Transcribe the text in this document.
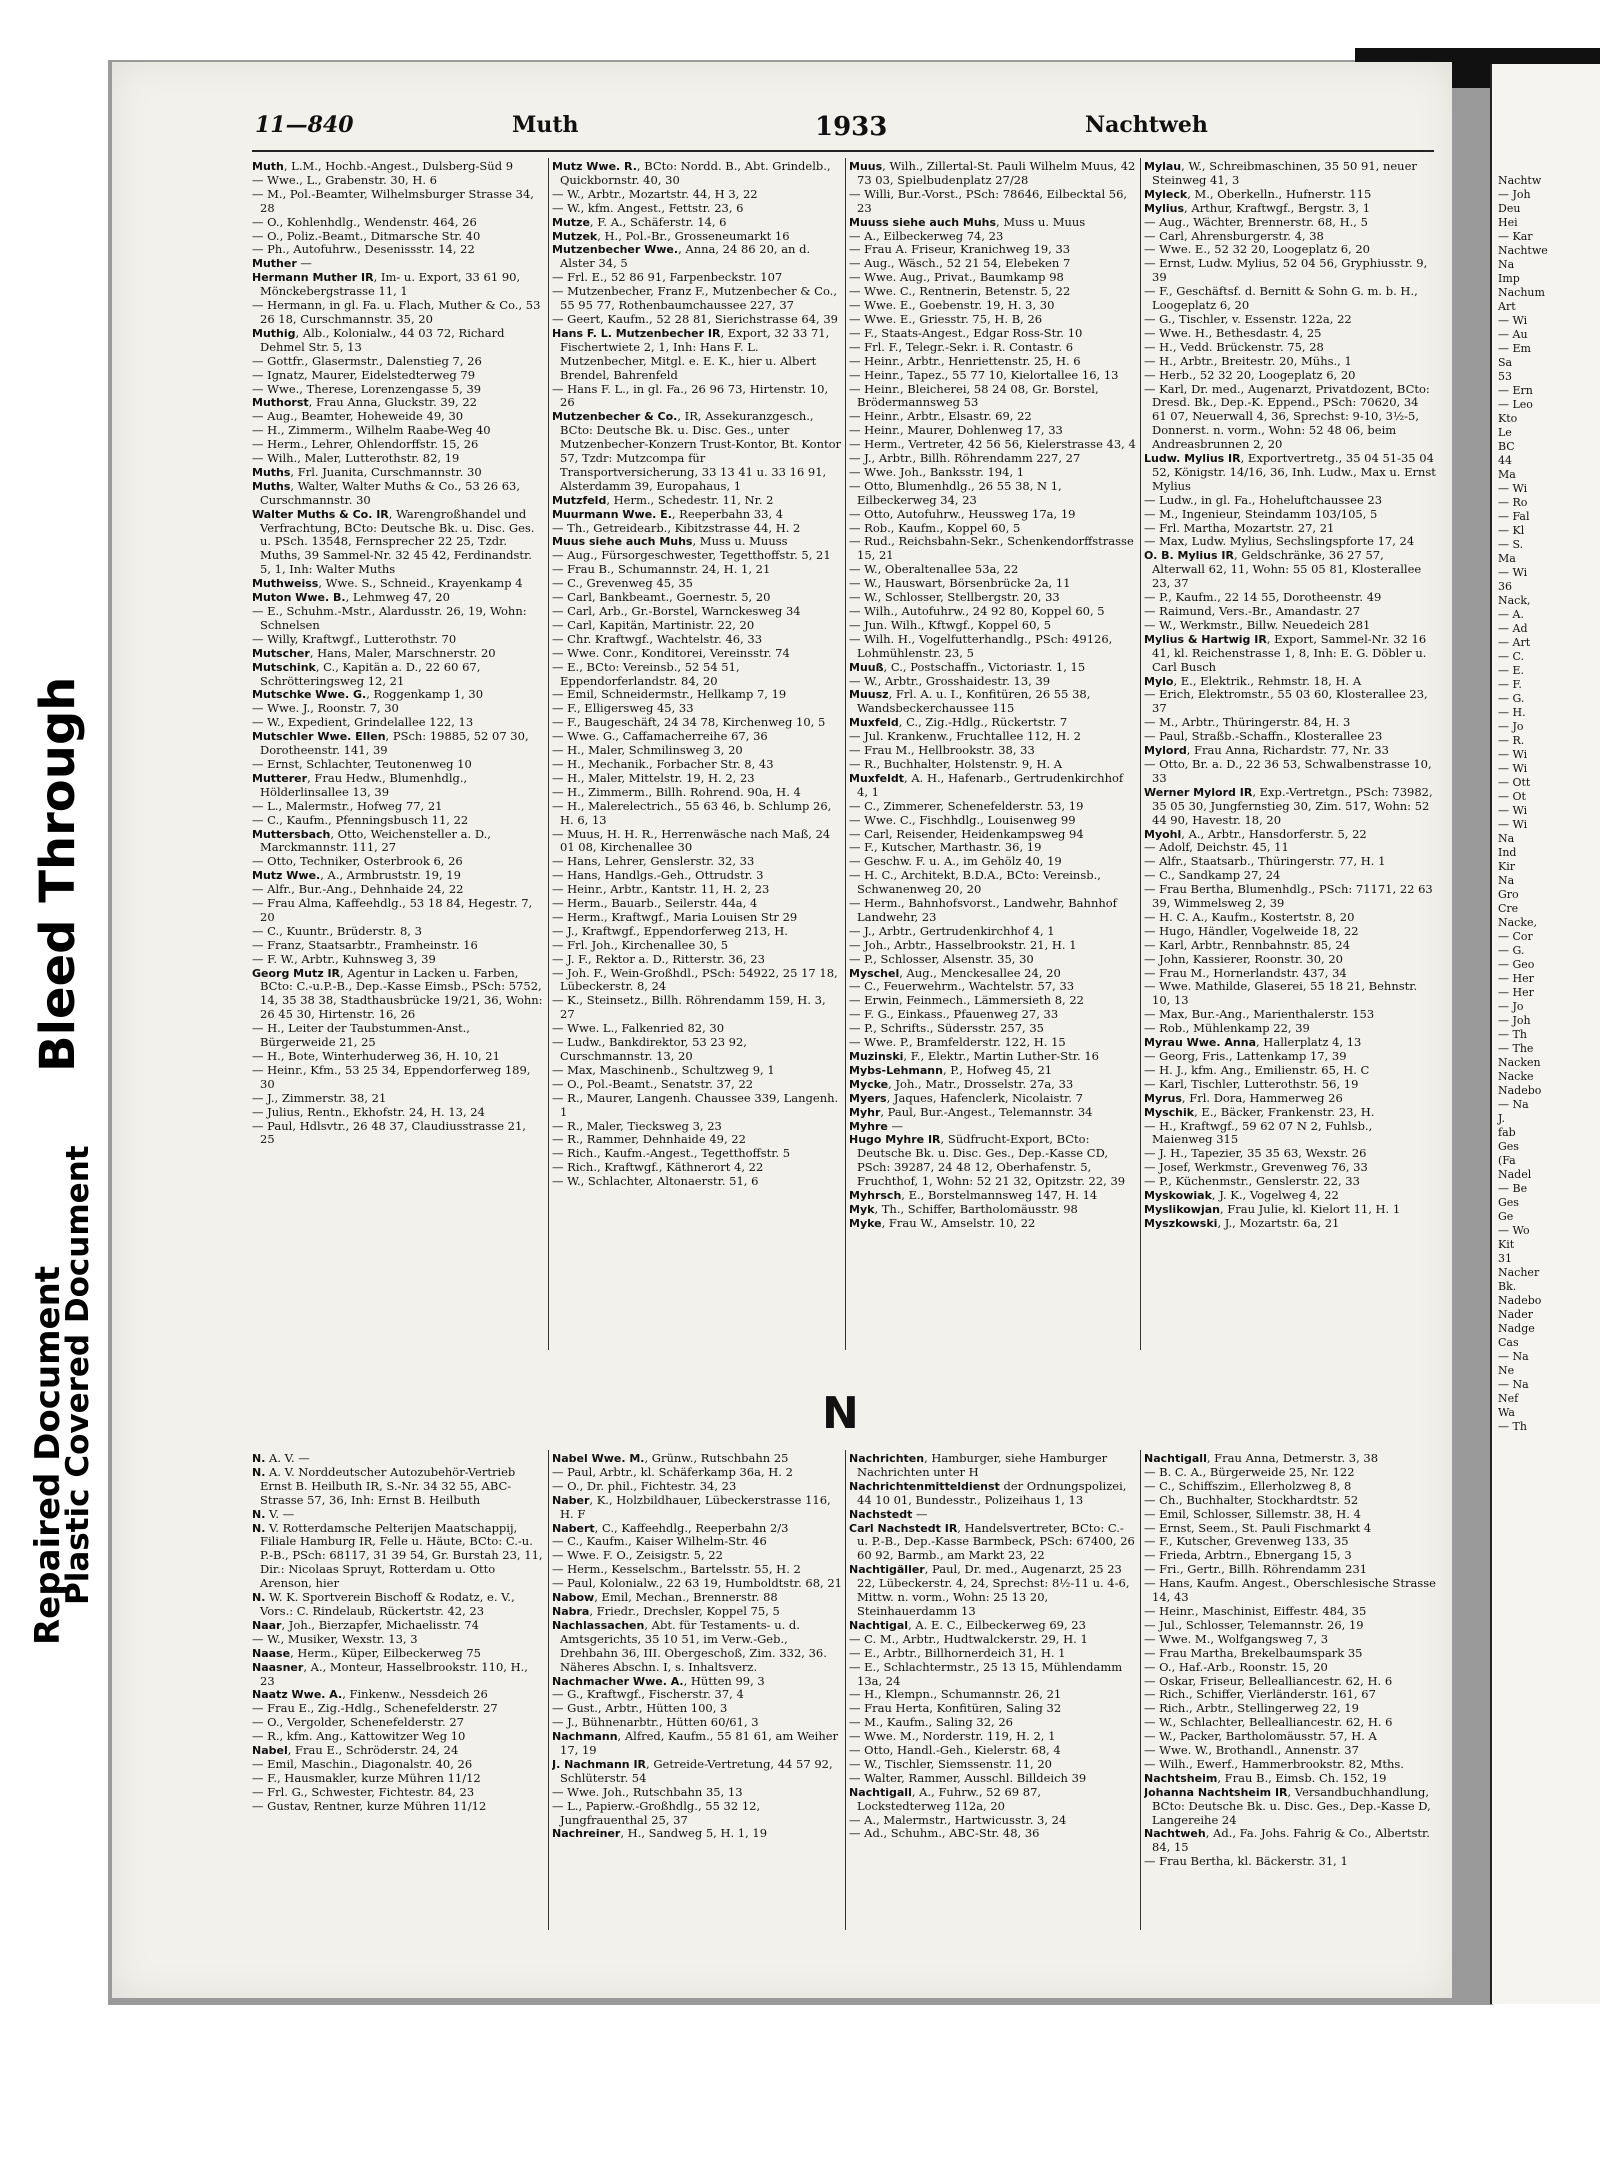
Nachtw
— Joh
Deu
Hei
— Kar
Nachtwe
Na
Imp
Nachum
Art
— Wi
— Au
— Em
Sa
53
— Ern
— Leo
Kto
Le
BC
44
Ma
— Wi
— Ro
— Fal
— Kl
— S.
Ma
— Wi
36
Nack,
— A.
— Ad
— Art
— C.
— E.
— F.
— G.
— H.
— Jo
— R.
— Wi
— Wi
— Ott
— Ot
— Wi
— Wi
Na
Ind
Kir
Na
Gro
Cre
Nacke,
— Cor
— G.
— Geo
— Her
— Her
— Jo
— Joh
— Th
— The
Nacken
Nacke
Nadebo
— Na
J.
fab
Ges
(Fa
Nadel
— Be
Ges
Ge
— Wo
Kit
31
Nacher
Bk.
Nadebo
Nader
Nadge
Cas
— Na
Ne
— Na
Nef
Wa
— Th
Repaired Document
Plastic Covered Document
Bleed Through
11—840	Muth	1933	Nachtweh
Muth, L.M., Hochb.-Angest., Dulsberg-Süd 9
— Wwe., L., Grabenstr. 30, H. 6
— M., Pol.-Beamter, Wilhelmsburger Strasse 34, 28
— O., Kohlenhdlg., Wendenstr. 464, 26
— O., Poliz.-Beamt., Ditmarsche Str. 40
— Ph., Autofuhrw., Desenissstr. 14, 22
Muther —
Hermann Muther IR, Im- u. Export, 33 61 90, Mönckebergstrasse 11, 1
— Hermann, in gl. Fa. u. Flach, Muther & Co., 53 26 18, Curschmannstr. 35, 20
Muthig, Alb., Kolonialw., 44 03 72, Richard Dehmel Str. 5, 13
— Gottfr., Glasermstr., Dalenstieg 7, 26
— Ignatz, Maurer, Eidelstedterweg 79
— Wwe., Therese, Lorenzengasse 5, 39
Muthorst, Frau Anna, Gluckstr. 39, 22
— Aug., Beamter, Hoheweide 49, 30
— H., Zimmerm., Wilhelm Raabe-Weg 40
— Herm., Lehrer, Ohlendorffstr. 15, 26
— Wilh., Maler, Lutterothstr. 82, 19
Muths, Frl. Juanita, Curschmannstr. 30
Muths, Walter, Walter Muths & Co., 53 26 63, Curschmannstr. 30
Walter Muths & Co. IR, Warengroßhandel und Verfrachtung, BCto: Deutsche Bk. u. Disc. Ges. u. PSch. 13548, Fernsprecher 22 25, Tzdr. Muths, 39 Sammel-Nr. 32 45 42, Ferdinandstr. 5, 1, Inh: Walter Muths
Muthweiss, Wwe. S., Schneid., Krayenkamp 4
Muton Wwe. B., Lehmweg 47, 20
— E., Schuhm.-Mstr., Alardusstr. 26, 19, Wohn: Schnelsen
— Willy, Kraftwgf., Lutterothstr. 70
Mutscher, Hans, Maler, Marschnerstr. 20
Mutschink, C., Kapitän a. D., 22 60 67, Schrötteringsweg 12, 21
Mutschke Wwe. G., Roggenkamp 1, 30
— Wwe. J., Roonstr. 7, 30
— W., Expedient, Grindelallee 122, 13
Mutschler Wwe. Ellen, PSch: 19885, 52 07 30, Dorotheenstr. 141, 39
— Ernst, Schlachter, Teutonenweg 10
Mutterer, Frau Hedw., Blumenhdlg., Hölderlinsallee 13, 39
— L., Malermstr., Hofweg 77, 21
— C., Kaufm., Pfenningsbusch 11, 22
Muttersbach, Otto, Weichensteller a. D., Marckmannstr. 111, 27
— Otto, Techniker, Osterbrook 6, 26
Mutz Wwe., A., Armbruststr. 19, 19
— Alfr., Bur.-Ang., Dehnhaide 24, 22
— Frau Alma, Kaffeehdlg., 53 18 84, Hegestr. 7, 20
— C., Kuuntr., Brüderstr. 8, 3
— Franz, Staatsarbtr., Framheinstr. 16
— F. W., Arbtr., Kuhnsweg 3, 39
Georg Mutz IR, Agentur in Lacken u. Farben, BCto: C.-u.P.-B., Dep.-Kasse Eimsb., PSch: 5752, 14, 35 38 38, Stadthausbrücke 19/21, 36, Wohn: 26 45 30, Hirtenstr. 16, 26
— H., Leiter der Taubstummen-Anst., Bürgerweide 21, 25
— H., Bote, Winterhuderweg 36, H. 10, 21
— Heinr., Kfm., 53 25 34, Eppendorferweg 189, 30
— J., Zimmerstr. 38, 21
— Julius, Rentn., Ekhofstr. 24, H. 13, 24
— Paul, Hdlsvtr., 26 48 37, Claudiusstrasse 21, 25
Mutz Wwe. R., BCto: Nordd. B., Abt. Grindelb., Quickbornstr. 40, 30
— W., Arbtr., Mozartstr. 44, H 3, 22
— W., kfm. Angest., Fettstr. 23, 6
Mutze, F. A., Schäferstr. 14, 6
Mutzek, H., Pol.-Br., Grosseneumarkt 16
Mutzenbecher Wwe., Anna, 24 86 20, an d. Alster 34, 5
— Frl. E., 52 86 91, Farpenbeckstr. 107
— Mutzenbecher, Franz F., Mutzenbecher & Co., 55 95 77, Rothenbaumchaussee 227, 37
— Geert, Kaufm., 52 28 81, Sierichstrasse 64, 39
Hans F. L. Mutzenbecher IR, Export, 32 33 71, Fischertwiete 2, 1, Inh: Hans F. L. Mutzenbecher, Mitgl. e. E. K., hier u. Albert Brendel, Bahrenfeld
— Hans F. L., in gl. Fa., 26 96 73, Hirtenstr. 10, 26
Mutzenbecher & Co., IR, Assekuranzgesch., BCto: Deutsche Bk. u. Disc. Ges., unter Mutzenbecher-Konzern Trust-Kontor, Bt. Kontor 57, Tzdr: Mutzcompa für Transportversicherung, 33 13 41 u. 33 16 91, Alsterdamm 39, Europahaus, 1
Mutzfeld, Herm., Schedestr. 11, Nr. 2
Muurmann Wwe. E., Reeperbahn 33, 4
— Th., Getreidearb., Kibitzstrasse 44, H. 2
Muus siehe auch Muhs, Muss u. Muuss
— Aug., Fürsorgeschwester, Tegetthoffstr. 5, 21
— Frau B., Schumannstr. 24, H. 1, 21
— C., Grevenweg 45, 35
— Carl, Bankbeamt., Goernestr. 5, 20
— Carl, Arb., Gr.-Borstel, Warnckesweg 34
— Carl, Kapitän, Martinistr. 22, 20
— Chr. Kraftwgf., Wachtelstr. 46, 33
— Wwe. Conr., Konditorei, Vereinsstr. 74
— E., BCto: Vereinsb., 52 54 51, Eppendorferlandstr. 84, 20
— Emil, Schneidermstr., Hellkamp 7, 19
— F., Elligersweg 45, 33
— F., Baugeschäft, 24 34 78, Kirchenweg 10, 5
— Wwe. G., Caffamacherreihe 67, 36
— H., Maler, Schmilinsweg 3, 20
— H., Mechanik., Forbacher Str. 8, 43
— H., Maler, Mittelstr. 19, H. 2, 23
— H., Zimmerm., Billh. Rohrend. 90a, H. 4
— H., Malerelectrich., 55 63 46, b. Schlump 26, H. 6, 13
— Muus, H. H. R., Herrenwäsche nach Maß, 24 01 08, Kirchenallee 30
— Hans, Lehrer, Genslerstr. 32, 33
— Hans, Handlgs.-Geh., Ottrudstr. 3
— Heinr., Arbtr., Kantstr. 11, H. 2, 23
— Herm., Bauarb., Seilerstr. 44a, 4
— Herm., Kraftwgf., Maria Louisen Str 29
— J., Kraftwgf., Eppendorferweg 213, H.
— Frl. Joh., Kirchenallee 30, 5
— J. F., Rektor a. D., Ritterstr. 36, 23
— Joh. F., Wein-Großhdl., PSch: 54922, 25 17 18, Lübeckerstr. 8, 24
— K., Steinsetz., Billh. Röhrendamm 159, H. 3, 27
— Wwe. L., Falkenried 82, 30
— Ludw., Bankdirektor, 53 23 92, Curschmannstr. 13, 20
— Max, Maschinenb., Schultzweg 9, 1
— O., Pol.-Beamt., Senatstr. 37, 22
— R., Maurer, Langenh. Chaussee 339, Langenh. 1
— R., Maler, Tiecksweg 3, 23
— R., Rammer, Dehnhaide 49, 22
— Rich., Kaufm.-Angest., Tegetthoffstr. 5
— Rich., Kraftwgf., Käthnerort 4, 22
— W., Schlachter, Altonaerstr. 51, 6
Muus, Wilh., Zillertal-St. Pauli Wilhelm Muus, 42 73 03, Spielbudenplatz 27/28
— Willi, Bur.-Vorst., PSch: 78646, Eilbecktal 56, 23
Muuss siehe auch Muhs, Muss u. Muus
— A., Eilbeckerweg 74, 23
— Frau A. Friseur, Kranichweg 19, 33
— Aug., Wäsch., 52 21 54, Elebeken 7
— Wwe. Aug., Privat., Baumkamp 98
— Wwe. C., Rentnerin, Betenstr. 5, 22
— Wwe. E., Goebenstr. 19, H. 3, 30
— Wwe. E., Griesstr. 75, H. B, 26
— F., Staats-Angest., Edgar Ross-Str. 10
— Frl. F., Telegr.-Sekr. i. R. Contastr. 6
— Heinr., Arbtr., Henriettenstr. 25, H. 6
— Heinr., Tapez., 55 77 10, Kielortallee 16, 13
— Heinr., Bleicherei, 58 24 08, Gr. Borstel, Brödermannsweg 53
— Heinr., Arbtr., Elsastr. 69, 22
— Heinr., Maurer, Dohlenweg 17, 33
— Herm., Vertreter, 42 56 56, Kielerstrasse 43, 4
— J., Arbtr., Billh. Röhrendamm 227, 27
— Wwe. Joh., Banksstr. 194, 1
— Otto, Blumenhdlg., 26 55 38, N 1, Eilbeckerweg 34, 23
— Otto, Autofuhrw., Heussweg 17a, 19
— Rob., Kaufm., Koppel 60, 5
— Rud., Reichsbahn-Sekr., Schenkendorffstrasse 15, 21
— W., Oberaltenallee 53a, 22
— W., Hauswart, Börsenbrücke 2a, 11
— W., Schlosser, Stellbergstr. 20, 33
— Wilh., Autofuhrw., 24 92 80, Koppel 60, 5
— Jun. Wilh., Kftwgf., Koppel 60, 5
— Wilh. H., Vogelfutterhandlg., PSch: 49126, Lohmühlenstr. 23, 5
Muuß, C., Postschaffn., Victoriastr. 1, 15
— W., Arbtr., Grosshaidestr. 13, 39
Muusz, Frl. A. u. I., Konfitüren, 26 55 38, Wandsbeckerchaussee 115
Muxfeld, C., Zig.-Hdlg., Rückertstr. 7
— Jul. Krankenw., Fruchtallee 112, H. 2
— Frau M., Hellbrookstr. 38, 33
— R., Buchhalter, Holstenstr. 9, H. A
Muxfeldt, A. H., Hafenarb., Gertrudenkirchhof 4, 1
— C., Zimmerer, Schenefelderstr. 53, 19
— Wwe. C., Fischhdlg., Louisenweg 99
— Carl, Reisender, Heidenkampsweg 94
— F., Kutscher, Marthastr. 36, 19
— Geschw. F. u. A., im Gehölz 40, 19
— H. C., Architekt, B.D.A., BCto: Vereinsb., Schwanenweg 20, 20
— Herm., Bahnhofsvorst., Landwehr, Bahnhof Landwehr, 23
— J., Arbtr., Gertrudenkirchhof 4, 1
— Joh., Arbtr., Hasselbrookstr. 21, H. 1
— P., Schlosser, Alsenstr. 35, 30
Myschel, Aug., Menckesallee 24, 20
— C., Feuerwehrm., Wachtelstr. 57, 33
— Erwin, Feinmech., Lämmersieth 8, 22
— F. G., Einkass., Pfauenweg 27, 33
— P., Schrifts., Südersstr. 257, 35
— Wwe. P., Bramfelderstr. 122, H. 15
Muzinski, F., Elektr., Martin Luther-Str. 16
Mybs-Lehmann, P., Hofweg 45, 21
Mycke, Joh., Matr., Drosselstr. 27a, 33
Myers, Jaques, Hafenclerk, Nicolaistr. 7
Myhr, Paul, Bur.-Angest., Telemannstr. 34
Myhre —
Hugo Myhre IR, Südfrucht-Export, BCto: Deutsche Bk. u. Disc. Ges., Dep.-Kasse CD, PSch: 39287, 24 48 12, Oberhafenstr. 5, Fruchthof, 1, Wohn: 52 21 32, Opitzstr. 22, 39
Myhrsch, E., Borstelmannsweg 147, H. 14
Myk, Th., Schiffer, Bartholomäusstr. 98
Myke, Frau W., Amselstr. 10, 22
Mylau, W., Schreibmaschinen, 35 50 91, neuer Steinweg 41, 3
Myleck, M., Oberkelln., Hufnerstr. 115
Mylius, Arthur, Kraftwgf., Bergstr. 3, 1
— Aug., Wächter, Brennerstr. 68, H., 5
— Carl, Ahrensburgerstr. 4, 38
— Wwe. E., 52 32 20, Loogeplatz 6, 20
— Ernst, Ludw. Mylius, 52 04 56, Gryphiusstr. 9, 39
— F., Geschäftsf. d. Bernitt & Sohn G. m. b. H., Loogeplatz 6, 20
— G., Tischler, v. Essenstr. 122a, 22
— Wwe. H., Bethesdastr. 4, 25
— H., Vedd. Brückenstr. 75, 28
— H., Arbtr., Breitestr. 20, Mühs., 1
— Herb., 52 32 20, Loogeplatz 6, 20
— Karl, Dr. med., Augenarzt, Privatdozent, BCto: Dresd. Bk., Dep.-K. Eppend., PSch: 70620, 34 61 07, Neuerwall 4, 36, Sprechst: 9-10, 3½-5, Donnerst. n. vorm., Wohn: 52 48 06, beim Andreasbrunnen 2, 20
Ludw. Mylius IR, Exportvertretg., 35 04 51-35 04 52, Königstr. 14/16, 36, Inh. Ludw., Max u. Ernst Mylius
— Ludw., in gl. Fa., Hoheluftchaussee 23
— M., Ingenieur, Steindamm 103/105, 5
— Frl. Martha, Mozartstr. 27, 21
— Max, Ludw. Mylius, Sechslingspforte 17, 24
O. B. Mylius IR, Geldschränke, 36 27 57, Alterwall 62, 11, Wohn: 55 05 81, Klosterallee 23, 37
— P., Kaufm., 22 14 55, Dorotheenstr. 49
— Raimund, Vers.-Br., Amandastr. 27
— W., Werkmstr., Billw. Neuedeich 281
Mylius & Hartwig IR, Export, Sammel-Nr. 32 16 41, kl. Reichenstrasse 1, 8, Inh: E. G. Döbler u. Carl Busch
Mylo, E., Elektrik., Rehmstr. 18, H. A
— Erich, Elektromstr., 55 03 60, Klosterallee 23, 37
— M., Arbtr., Thüringerstr. 84, H. 3
— Paul, Straßb.-Schaffn., Klosterallee 23
Mylord, Frau Anna, Richardstr. 77, Nr. 33
— Otto, Br. a. D., 22 36 53, Schwalbenstrasse 10, 33
Werner Mylord IR, Exp.-Vertretgn., PSch: 73982, 35 05 30, Jungfernstieg 30, Zim. 517, Wohn: 52 44 90, Havestr. 18, 20
Myohl, A., Arbtr., Hansdorferstr. 5, 22
— Adolf, Deichstr. 45, 11
— Alfr., Staatsarb., Thüringerstr. 77, H. 1
— C., Sandkamp 27, 24
— Frau Bertha, Blumenhdlg., PSch: 71171, 22 63 39, Wimmelsweg 2, 39
— H. C. A., Kaufm., Kostertstr. 8, 20
— Hugo, Händler, Vogelweide 18, 22
— Karl, Arbtr., Rennbahnstr. 85, 24
— John, Kassierer, Roonstr. 30, 20
— Frau M., Hornerlandstr. 437, 34
— Wwe. Mathilde, Glaserei, 55 18 21, Behnstr. 10, 13
— Max, Bur.-Ang., Marienthalerstr. 153
— Rob., Mühlenkamp 22, 39
Myrau Wwe. Anna, Hallerplatz 4, 13
— Georg, Fris., Lattenkamp 17, 39
— H. J., kfm. Ang., Emilienstr. 65, H. C
— Karl, Tischler, Lutterothstr. 56, 19
Myrus, Frl. Dora, Hammerweg 26
Myschik, E., Bäcker, Frankenstr. 23, H.
— H., Kraftwgf., 59 62 07 N 2, Fuhlsb., Maienweg 315
— J. H., Tapezier, 35 35 63, Wexstr. 26
— Josef, Werkmstr., Grevenweg 76, 33
— P., Küchenmstr., Genslerstr. 22, 33
Myskowiak, J. K., Vogelweg 4, 22
Myslikowjan, Frau Julie, kl. Kielort 11, H. 1
Myszkowski, J., Mozartstr. 6a, 21
N
N. A. V. —
N. A. V. Norddeutscher Autozubehör-Vertrieb Ernst B. Heilbuth IR, S.-Nr. 34 32 55, ABC-Strasse 57, 36, Inh: Ernst B. Heilbuth
N. V. —
N. V. Rotterdamsche Pelterijen Maatschappij, Filiale Hamburg IR, Felle u. Häute, BCto: C.-u. P.-B., PSch: 68117, 31 39 54, Gr. Burstah 23, 11, Dir.: Nicolaas Spruyt, Rotterdam u. Otto Arenson, hier
N. W. K. Sportverein Bischoff & Rodatz, e. V., Vors.: C. Rindelaub, Rückertstr. 42, 23
Naar, Joh., Bierzapfer, Michaelisstr. 74
— W., Musiker, Wexstr. 13, 3
Naase, Herm., Küper, Eilbeckerweg 75
Naasner, A., Monteur, Hasselbrookstr. 110, H., 23
Naatz Wwe. A., Finkenw., Nessdeich 26
— Frau E., Zig.-Hdlg., Schenefelderstr. 27
— O., Vergolder, Schenefelderstr. 27
— R., kfm. Ang., Kattowitzer Weg 10
Nabel, Frau E., Schröderstr. 24, 24
— Emil, Maschin., Diagonalstr. 40, 26
— F., Hausmakler, kurze Mühren 11/12
— Frl. G., Schwester, Fichtestr. 84, 23
— Gustav, Rentner, kurze Mühren 11/12
Nabel Wwe. M., Grünw., Rutschbahn 25
— Paul, Arbtr., kl. Schäferkamp 36a, H. 2
— O., Dr. phil., Fichtestr. 34, 23
Naber, K., Holzbildhauer, Lübeckerstrasse 116, H. F
Nabert, C., Kaffeehdlg., Reeperbahn 2/3
— C., Kaufm., Kaiser Wilhelm-Str. 46
— Wwe. F. O., Zeisigstr. 5, 22
— Herm., Kesselschm., Bartelsstr. 55, H. 2
— Paul, Kolonialw., 22 63 19, Humboldtstr. 68, 21
Nabow, Emil, Mechan., Brennerstr. 88
Nabra, Friedr., Drechsler, Koppel 75, 5
Nachlassachen, Abt. für Testaments- u. d. Amtsgerichts, 35 10 51, im Verw.-Geb., Drehbahn 36, III. Obergeschoß, Zim. 332, 36. Näheres Abschn. I, s. Inhaltsverz.
Nachmacher Wwe. A., Hütten 99, 3
— G., Kraftwgf., Fischerstr. 37, 4
— Gust., Arbtr., Hütten 100, 3
— J., Bühnenarbtr., Hütten 60/61, 3
Nachmann, Alfred, Kaufm., 55 81 61, am Weiher 17, 19
J. Nachmann IR, Getreide-Vertretung, 44 57 92, Schlüterstr. 54
— Wwe. Joh., Rutschbahn 35, 13
— L., Papierw.-Großhdlg., 55 32 12, Jungfrauenthal 25, 37
Nachreiner, H., Sandweg 5, H. 1, 19
Nachrichten, Hamburger, siehe Hamburger Nachrichten unter H
Nachrichtenmitteldienst der Ordnungspolizei, 44 10 01, Bundesstr., Polizeihaus 1, 13
Nachstedt —
Carl Nachstedt IR, Handelsvertreter, BCto: C.- u. P.-B., Dep.-Kasse Barmbeck, PSch: 67400, 26 60 92, Barmb., am Markt 23, 22
Nachtigäller, Paul, Dr. med., Augenarzt, 25 23 22, Lübeckerstr. 4, 24, Sprechst: 8½-11 u. 4-6, Mittw. n. vorm., Wohn: 25 13 20, Steinhauerdamm 13
Nachtigal, A. E. C., Eilbeckerweg 69, 23
— C. M., Arbtr., Hudtwalckerstr. 29, H. 1
— E., Arbtr., Billhornerdeich 31, H. 1
— E., Schlachtermstr., 25 13 15, Mühlendamm 13a, 24
— H., Klempn., Schumannstr. 26, 21
— Frau Herta, Konfitüren, Saling 32
— M., Kaufm., Saling 32, 26
— Wwe. M., Norderstr. 119, H. 2, 1
— Otto, Handl.-Geh., Kielerstr. 68, 4
— W., Tischler, Siemssenstr. 11, 20
— Walter, Rammer, Ausschl. Billdeich 39
Nachtigall, A., Fuhrw., 52 69 87, Lockstedterweg 112a, 20
— A., Malermstr., Hartwicusstr. 3, 24
— Ad., Schuhm., ABC-Str. 48, 36
Nachtigall, Frau Anna, Detmerstr. 3, 38
— B. C. A., Bürgerweide 25, Nr. 122
— C., Schiffszim., Ellerholzweg 8, 8
— Ch., Buchhalter, Stockhardtstr. 52
— Emil, Schlosser, Sillemstr. 38, H. 4
— Ernst, Seem., St. Pauli Fischmarkt 4
— F., Kutscher, Grevenweg 133, 35
— Frieda, Arbtrn., Ebnergang 15, 3
— Fri., Gertr., Billh. Röhrendamm 231
— Hans, Kaufm. Angest., Oberschlesische Strasse 14, 43
— Heinr., Maschinist, Eiffestr. 484, 35
— Jul., Schlosser, Telemannstr. 26, 19
— Wwe. M., Wolfgangsweg 7, 3
— Frau Martha, Brekelbaumspark 35
— O., Haf.-Arb., Roonstr. 15, 20
— Oskar, Friseur, Bellealliancestr. 62, H. 6
— Rich., Schiffer, Vierländerstr. 161, 67
— Rich., Arbtr., Stellingerweg 22, 19
— W., Schlachter, Bellealliancestr. 62, H. 6
— W., Packer, Bartholomäusstr. 57, H. A
— Wwe. W., Brothandl., Annenstr. 37
— Wilh., Ewerf., Hammerbrookstr. 82, Mths.
Nachtsheim, Frau B., Eimsb. Ch. 152, 19
Johanna Nachtsheim IR, Versandbuchhandlung, BCto: Deutsche Bk. u. Disc. Ges., Dep.-Kasse D, Langereihe 24
Nachtweh, Ad., Fa. Johs. Fahrig & Co., Albertstr. 84, 15
— Frau Bertha, kl. Bäckerstr. 31, 1
